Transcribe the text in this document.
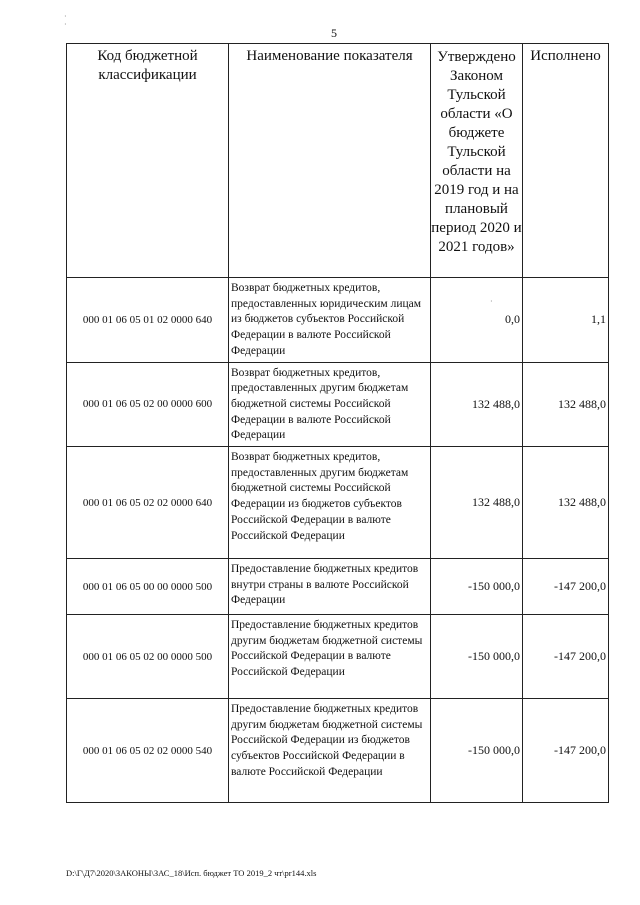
5
·
·
·
Код бюджетной классификации	Наименование показателя	Утверждено Законом Тульской области «О бюджете Тульской области на 2019 год и на плановый период 2020 и 2021 годов»	Исполнено
000 01 06 05 01 02 0000 640	Возврат бюджетных кредитов, предоставленных юридическим лицам из бюджетов субъектов Российской Федерации в валюте Российской Федерации	0,0	1,1
000 01 06 05 02 00 0000 600	Возврат бюджетных кредитов, предоставленных другим бюджетам бюджетной системы Российской Федерации в валюте Российской Федерации	132 488,0	132 488,0
000 01 06 05 02 02 0000 640	Возврат бюджетных кредитов, предоставленных другим бюджетам бюджетной системы Российской Федерации из бюджетов субъектов Российской Федерации в валюте Российской Федерации	132 488,0	132 488,0
000 01 06 05 00 00 0000 500	Предоставление бюджетных кредитов внутри страны в валюте Российской Федерации	-150 000,0	-147 200,0
000 01 06 05 02 00 0000 500	Предоставление бюджетных кредитов другим бюджетам бюджетной системы Российской Федерации в валюте Российской Федерации	-150 000,0	-147 200,0
000 01 06 05 02 02 0000 540	Предоставление бюджетных кредитов другим бюджетам бюджетной системы Российской Федерации из бюджетов субъектов Российской Федерации в валюте Российской Федерации	-150 000,0	-147 200,0
D:\Г\Д7\2020\ЗАКОНЫ\ЗАС_18\Исп. бюджет ТО 2019_2 чт\pr144.xls
